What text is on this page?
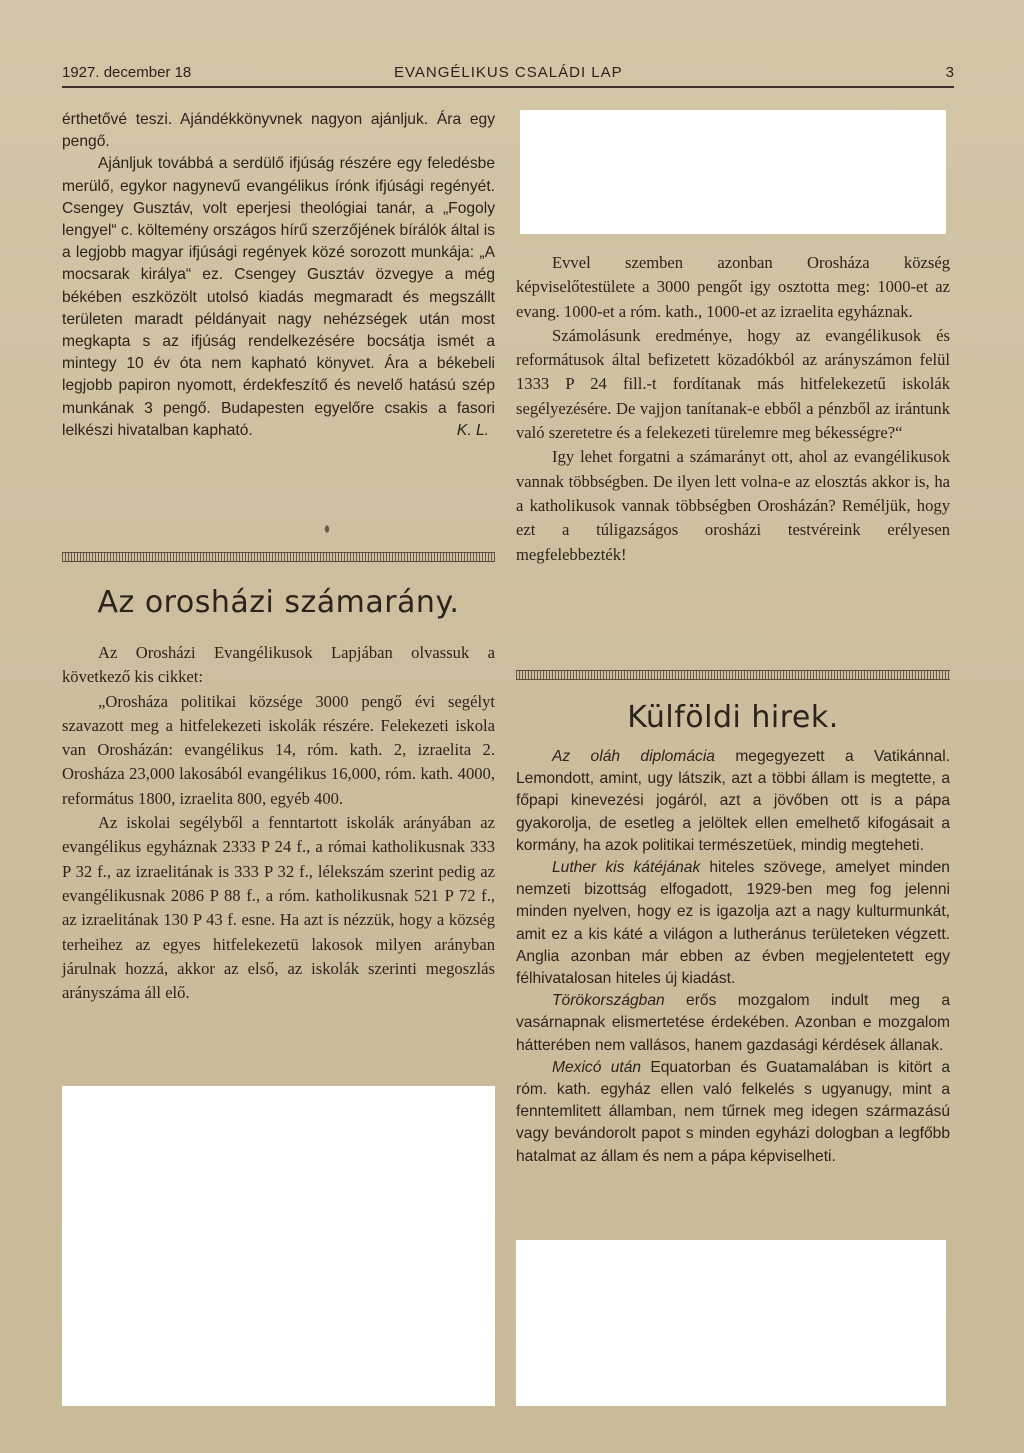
1927. december 18	EVANGÉLIKUS CSALÁDI LAP	3

érthetővé teszi. Ajándékkönyvnek nagyon ajánljuk. Ára egy pengő.

Ajánljuk továbbá a serdülő ifjúság részére egy feledésbe merülő, egykor nagynevű evangélikus írónk ifjúsági regényét. Csengey Gusztáv, volt eperjesi theológiai tanár, a „Fogoly lengyel“ c. költemény országos hírű szerzőjének bírálók által is a legjobb magyar ifjúsági regények közé sorozott munkája: „A mocsarak királya“ ez. Csengey Gusztáv özvegye a még békében eszközölt utolsó kiadás megmaradt és megszállt területen maradt példányait nagy nehézségek után most megkapta s az ifjúság rendelkezésére bocsátja ismét a mintegy 10 év óta nem kapható könyvet. Ára a békebeli legjobb papiron nyomott, érdekfeszítő és nevelő hatású szép munkának 3 pengő. Budapesten egyelőre csakis a fasori lelkészi hivatalban kapható.	K. L.

Az orosházi számarány.

Az Orosházi Evangélikusok Lapjában olvassuk a következő kis cikket:

„Orosháza politikai községe 3000 pengő évi segélyt szavazott meg a hitfelekezeti iskolák részére. Felekezeti iskola van Orosházán: evangélikus 14, róm. kath. 2, izraelita 2. Orosháza 23,000 lakosából evangélikus 16,000, róm. kath. 4000, református 1800, izraelita 800, egyéb 400.

Az iskolai segélyből a fenntartott iskolák arányában az evangélikus egyháznak 2333 P 24 f., a római katholikusnak 333 P 32 f., az izraelitának is 333 P 32 f., lélekszám szerint pedig az evangélikusnak 2086 P 88 f., a róm. katholikusnak 521 P 72 f., az izraelitának 130 P 43 f. esne. Ha azt is nézzük, hogy a község terheihez az egyes hitfelekezetü lakosok milyen arányban járulnak hozzá, akkor az első, az iskolák szerinti megoszlás arányszáma áll elő.

Evvel szemben azonban Orosháza község képviselőtestülete a 3000 pengőt igy osztotta meg: 1000-et az evang. 1000-et a róm. kath., 1000-et az izraelita egyháznak.

Számolásunk eredménye, hogy az evangélikusok és reformátusok által befizetett közadókból az arányszámon felül 1333 P 24 fill.-t fordítanak más hitfelekezetű iskolák segélyezésére. De vajjon tanítanak-e ebből a pénzből az irántunk való szeretetre és a felekezeti türelemre meg békességre?“

Igy lehet forgatni a számarányt ott, ahol az evangélikusok vannak többségben. De ilyen lett volna-e az elosztás akkor is, ha a katholikusok vannak többségben Orosházán? Reméljük, hogy ezt a túligazságos orosházi testvéreink erélyesen megfelebbezték!

Külföldi hirek.

Az oláh diplomácia megegyezett a Vatikánnal. Lemondott, amint, ugy látszik, azt a többi állam is megtette, a főpapi kinevezési jogáról, azt a jövőben ott is a pápa gyakorolja, de esetleg a jelöltek ellen emelhető kifogásait a kormány, ha azok politikai természetüek, mindig megteheti.

Luther kis kátéjának hiteles szövege, amelyet minden nemzeti bizottság elfogadott, 1929-ben meg fog jelenni minden nyelven, hogy ez is igazolja azt a nagy kulturmunkát, amit ez a kis káté a világon a lutheránus területeken végzett. Anglia azonban már ebben az évben megjelentetett egy félhivatalosan hiteles új kiadást.

Törökországban erős mozgalom indult meg a vasárnapnak elismertetése érdekében. Azonban e mozgalom hátterében nem vallásos, hanem gazdasági kérdések állanak.

Mexicó után Equatorban és Guatamalában is kitört a róm. kath. egyház ellen való felkelés s ugyanugy, mint a fenntemlitett államban, nem tűrnek meg idegen származású vagy bevándorolt papot s minden egyházi dologban a legfőbb hatalmat az állam és nem a pápa képviselheti.
